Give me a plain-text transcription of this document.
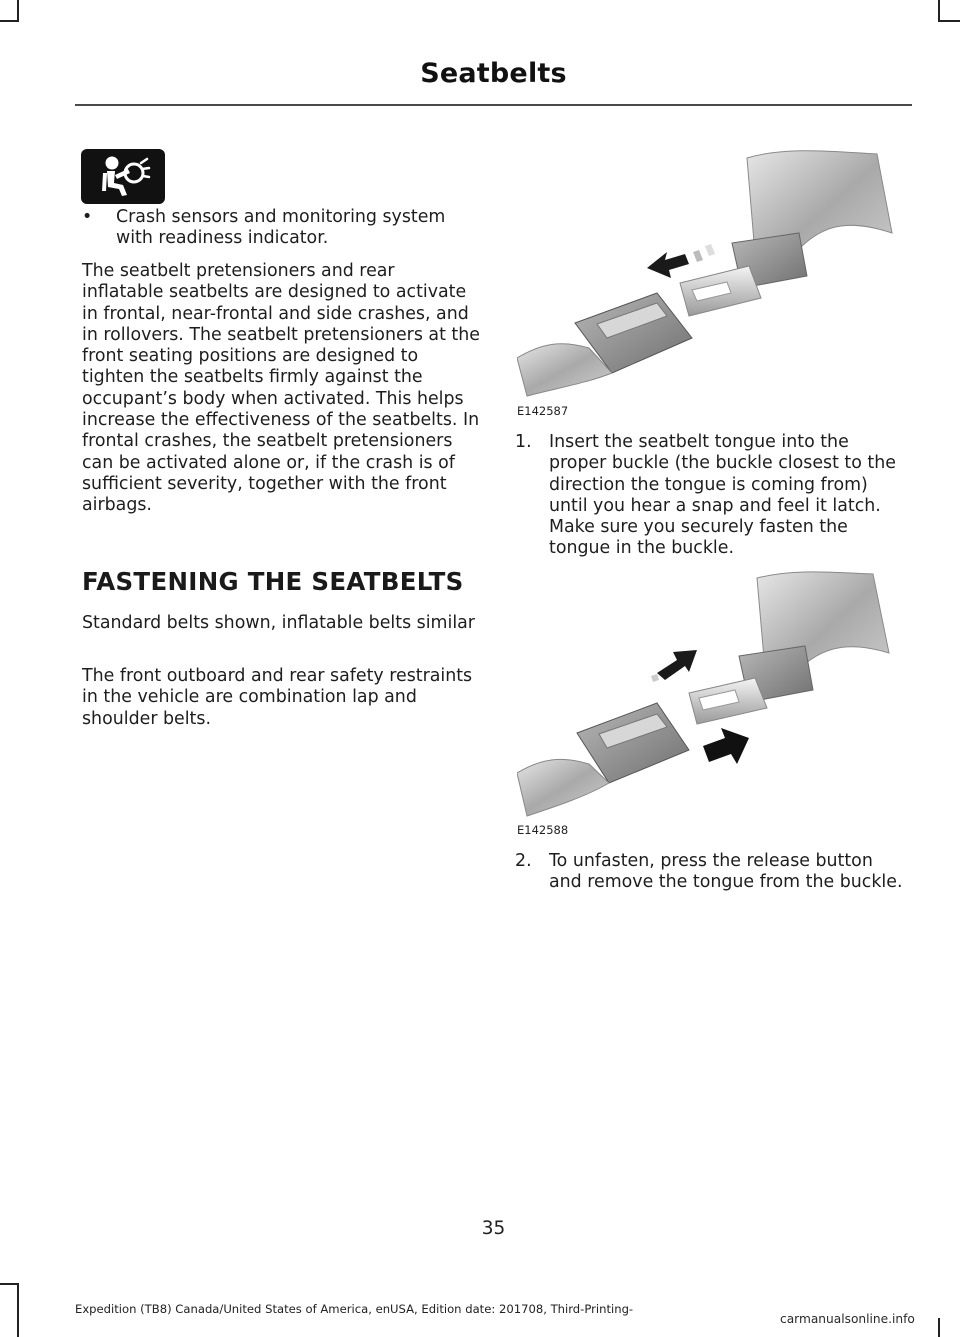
Seatbelts
• Crash sensors and monitoring system with readiness indicator.
The seatbelt pretensioners and rear inflatable seatbelts are designed to activate in frontal, near-frontal and side crashes, and in rollovers. The seatbelt pretensioners at the front seating positions are designed to tighten the seatbelts firmly against the occupant’s body when activated. This helps increase the effectiveness of the seatbelts. In frontal crashes, the seatbelt pretensioners can be activated alone or, if the crash is of sufficient severity, together with the front airbags.
FASTENING THE SEATBELTS
Standard belts shown, inflatable belts similar
The front outboard and rear safety restraints in the vehicle are combination lap and shoulder belts.
E142587
1. Insert the seatbelt tongue into the proper buckle (the buckle closest to the direction the tongue is coming from) until you hear a snap and feel it latch. Make sure you securely fasten the tongue in the buckle.
E142588
2. To unfasten, press the release button and remove the tongue from the buckle.
35
Expedition (TB8) Canada/United States of America, enUSA, Edition date: 201708, Third-Printing-
carmanualsonline.info
